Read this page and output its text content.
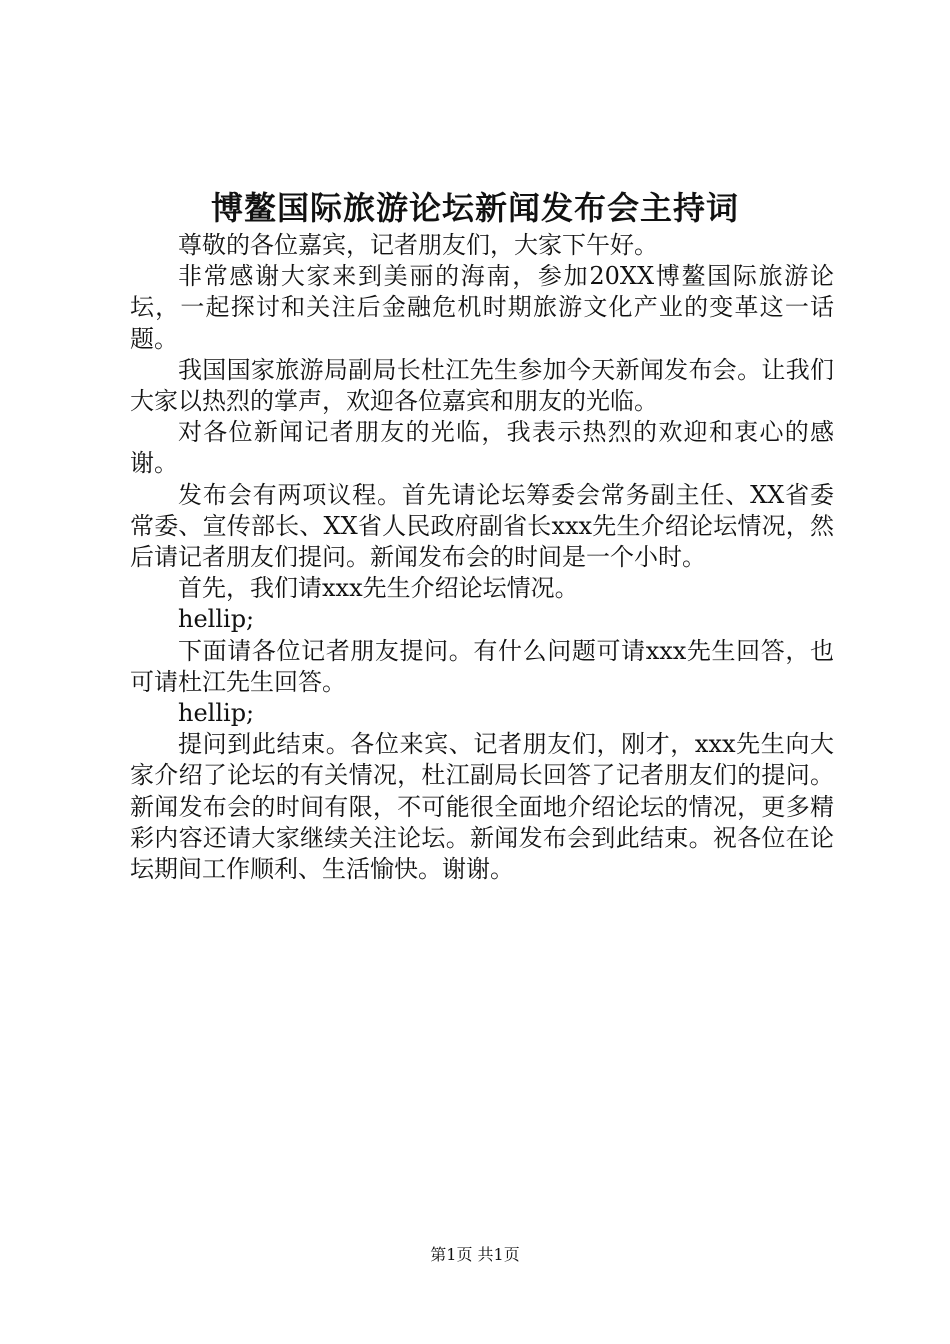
博鳌国际旅游论坛新闻发布会主持词

尊敬的各位嘉宾，记者朋友们，大家下午好。

非常感谢大家来到美丽的海南，参加20XX博鳌国际旅游论坛，一起探讨和关注后金融危机时期旅游文化产业的变革这一话题。

我国国家旅游局副局长杜江先生参加今天新闻发布会。让我们大家以热烈的掌声，欢迎各位嘉宾和朋友的光临。

对各位新闻记者朋友的光临，我表示热烈的欢迎和衷心的感谢。

发布会有两项议程。首先请论坛筹委会常务副主任、XX省委常委、宣传部长、XX省人民政府副省长xxx先生介绍论坛情况，然后请记者朋友们提问。新闻发布会的时间是一个小时。

首先，我们请xxx先生介绍论坛情况。

hellip;

下面请各位记者朋友提问。有什么问题可请xxx先生回答，也可请杜江先生回答。

hellip;

提问到此结束。各位来宾、记者朋友们，刚才，xxx先生向大家介绍了论坛的有关情况，杜江副局长回答了记者朋友们的提问。新闻发布会的时间有限，不可能很全面地介绍论坛的情况，更多精彩内容还请大家继续关注论坛。新闻发布会到此结束。祝各位在论坛期间工作顺利、生活愉快。谢谢。

第1页 共1页
